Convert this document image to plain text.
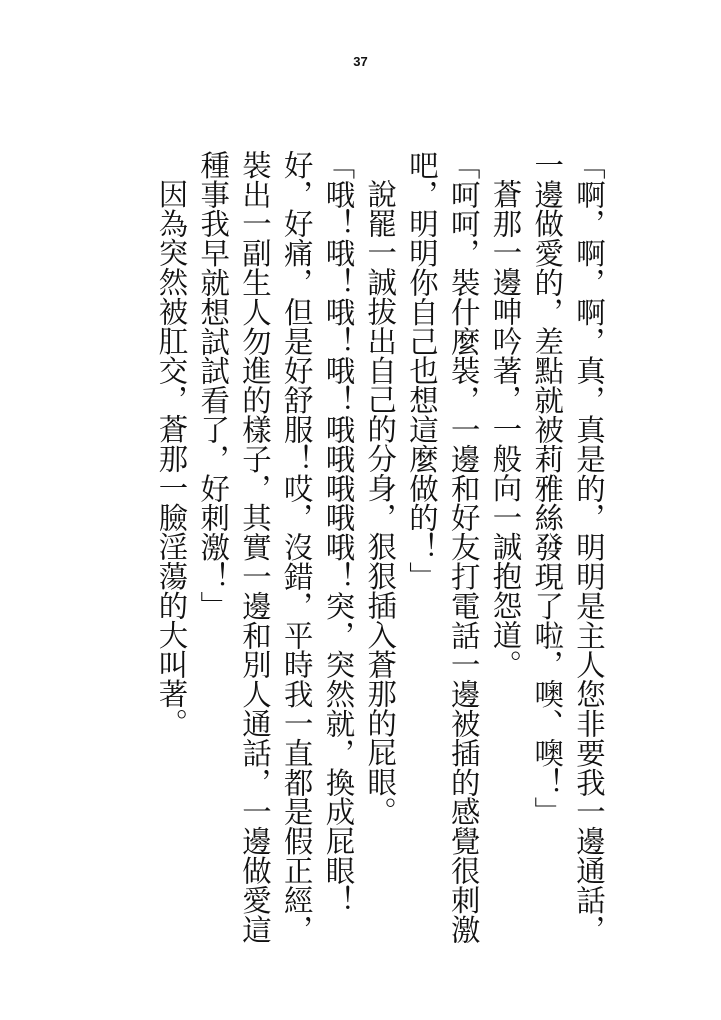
37

「啊，啊，啊，真，真是的，明明是主人您非要我一邊通話，一邊做愛的，差點就被莉雅絲發現了啦，噢、噢！」

蒼那一邊呻吟著，一般向一誠抱怨道。

「呵呵，裝什麼裝，一邊和好友打電話一邊被插的感覺很刺激吧，明明你自己也想這麼做的！」

說罷一誠拔出自己的分身，狠狠插入蒼那的屁眼。

「哦！哦！哦！哦！哦哦哦哦哦！突，突然就，換成屁眼！好，好痛，但是好舒服！哎，沒錯，平時我一直都是假正經，裝出一副生人勿進的樣子，其實一邊和別人通話，一邊做愛這種事我早就想試試看了，好刺激！」

因為突然被肛交，蒼那一臉淫蕩的大叫著。
